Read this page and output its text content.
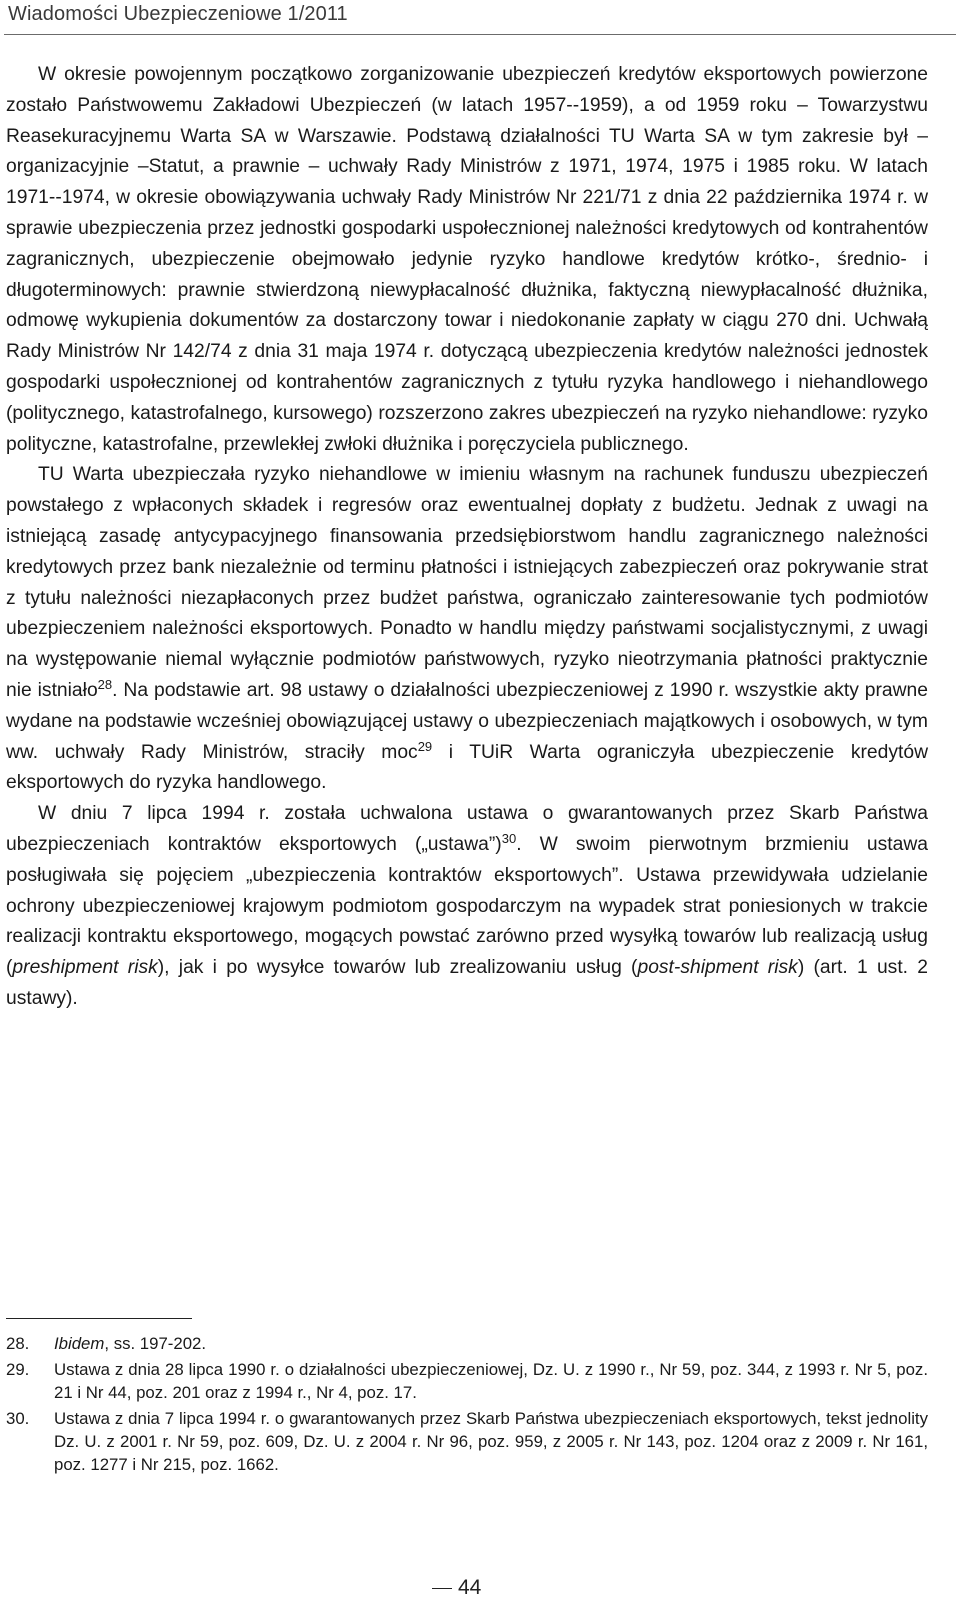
Wiadomości Ubezpieczeniowe 1/2011

W okresie powojennym początkowo zorganizowanie ubezpieczeń kredytów eksportowych powierzone zostało Państwowemu Zakładowi Ubezpieczeń (w latach 1957--1959), a od 1959 roku – Towarzystwu Reasekuracyjnemu Warta SA w Warszawie. Podstawą działalności TU Warta SA w tym zakresie był – organizacyjnie –Statut, a prawnie – uchwały Rady Ministrów z 1971, 1974, 1975 i 1985 roku. W latach 1971--1974, w okresie obowiązywania uchwały Rady Ministrów Nr 221/71 z dnia 22 października 1974 r. w sprawie ubezpieczenia przez jednostki gospodarki uspołecznionej należności kredytowych od kontrahentów zagranicznych, ubezpieczenie obejmowało jedynie ryzyko handlowe kredytów krótko-, średnio- i długoterminowych: prawnie stwierdzoną niewypłacalność dłużnika, faktyczną niewypłacalność dłużnika, odmowę wykupienia dokumentów za dostarczony towar i niedokonanie zapłaty w ciągu 270 dni. Uchwałą Rady Ministrów Nr 142/74 z dnia 31 maja 1974 r. dotyczącą ubezpieczenia kredytów należności jednostek gospodarki uspołecznionej od kontrahentów zagranicznych z tytułu ryzyka handlowego i niehandlowego (politycznego, katastrofalnego, kursowego) rozszerzono zakres ubezpieczeń na ryzyko niehandlowe: ryzyko polityczne, katastrofalne, przewlekłej zwłoki dłużnika i poręczyciela publicznego.

TU Warta ubezpieczała ryzyko niehandlowe w imieniu własnym na rachunek funduszu ubezpieczeń powstałego z wpłaconych składek i regresów oraz ewentualnej dopłaty z budżetu. Jednak z uwagi na istniejącą zasadę antycypacyjnego finansowania przedsiębiorstwom handlu zagranicznego należności kredytowych przez bank niezależnie od terminu płatności i istniejących zabezpieczeń oraz pokrywanie strat z tytułu należności niezapłaconych przez budżet państwa, ograniczało zainteresowanie tych podmiotów ubezpieczeniem należności eksportowych. Ponadto w handlu między państwami socjalistycznymi, z uwagi na występowanie niemal wyłącznie podmiotów państwowych, ryzyko nieotrzymania płatności praktycznie nie istniało$^{28}$. Na podstawie art. 98 ustawy o działalności ubezpieczeniowej z 1990 r. wszystkie akty prawne wydane na podstawie wcześniej obowiązującej ustawy o ubezpieczeniach majątkowych i osobowych, w tym ww. uchwały Rady Ministrów, straciły moc$^{29}$ i TUiR Warta ograniczyła ubezpieczenie kredytów eksportowych do ryzyka handlowego.

W dniu 7 lipca 1994 r. została uchwalona ustawa o gwarantowanych przez Skarb Państwa ubezpieczeniach kontraktów eksportowych („ustawa”)$^{30}$. W swoim pierwotnym brzmieniu ustawa posługiwała się pojęciem „ubezpieczenia kontraktów eksportowych”. Ustawa przewidywała udzielanie ochrony ubezpieczeniowej krajowym podmiotom gospodarczym na wypadek strat poniesionych w trakcie realizacji kontraktu eksportowego, mogących powstać zarówno przed wysyłką towarów lub realizacją usług (preshipment risk), jak i po wysyłce towarów lub zrealizowaniu usług (post-shipment risk) (art. 1 ust. 2 ustawy).

28. Ibidem, ss. 197-202.
29. Ustawa z dnia 28 lipca 1990 r. o działalności ubezpieczeniowej, Dz. U. z 1990 r., Nr 59, poz. 344, z 1993 r. Nr 5, poz. 21 i Nr 44, poz. 201 oraz z 1994 r., Nr 4, poz. 17.
30. Ustawa z dnia 7 lipca 1994 r. o gwarantowanych przez Skarb Państwa ubezpieczeniach eksportowych, tekst jednolity Dz. U. z 2001 r. Nr 59, poz. 609, Dz. U. z 2004 r. Nr 96, poz. 959, z 2005 r. Nr 143, poz. 1204 oraz z 2009 r. Nr 161, poz. 1277 i Nr 215, poz. 1662.
44
